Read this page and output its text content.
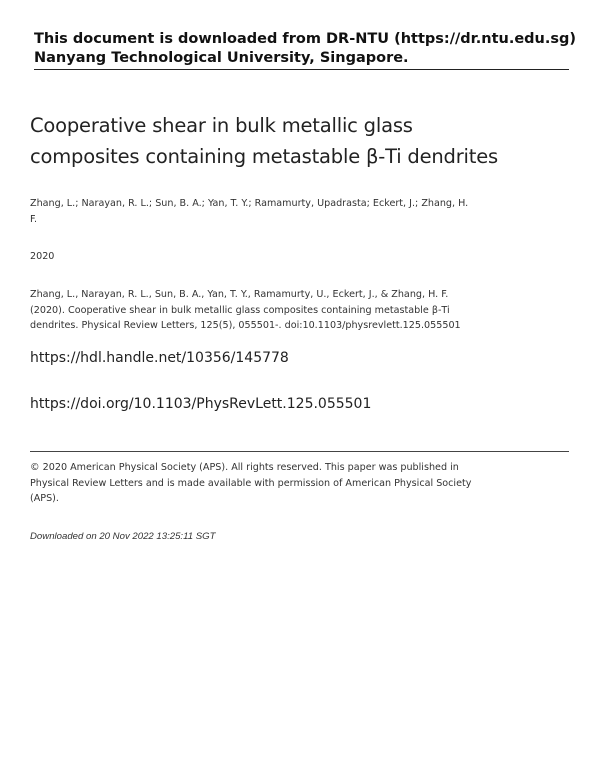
This document is downloaded from DR-NTU (https://dr.ntu.edu.sg)
Nanyang Technological University, Singapore.
Cooperative shear in bulk metallic glass
composites containing metastable β-Ti dendrites
Zhang, L.; Narayan, R. L.; Sun, B. A.; Yan, T. Y.; Ramamurty, Upadrasta; Eckert, J.; Zhang, H.
F.
2020
Zhang, L., Narayan, R. L., Sun, B. A., Yan, T. Y., Ramamurty, U., Eckert, J., & Zhang, H. F.
(2020). Cooperative shear in bulk metallic glass composites containing metastable β-Ti
dendrites. Physical Review Letters, 125(5), 055501-. doi:10.1103/physrevlett.125.055501
https://hdl.handle.net/10356/145778
https://doi.org/10.1103/PhysRevLett.125.055501
© 2020 American Physical Society (APS). All rights reserved. This paper was published in
Physical Review Letters and is made available with permission of American Physical Society
(APS).
Downloaded on 20 Nov 2022 13:25:11 SGT
